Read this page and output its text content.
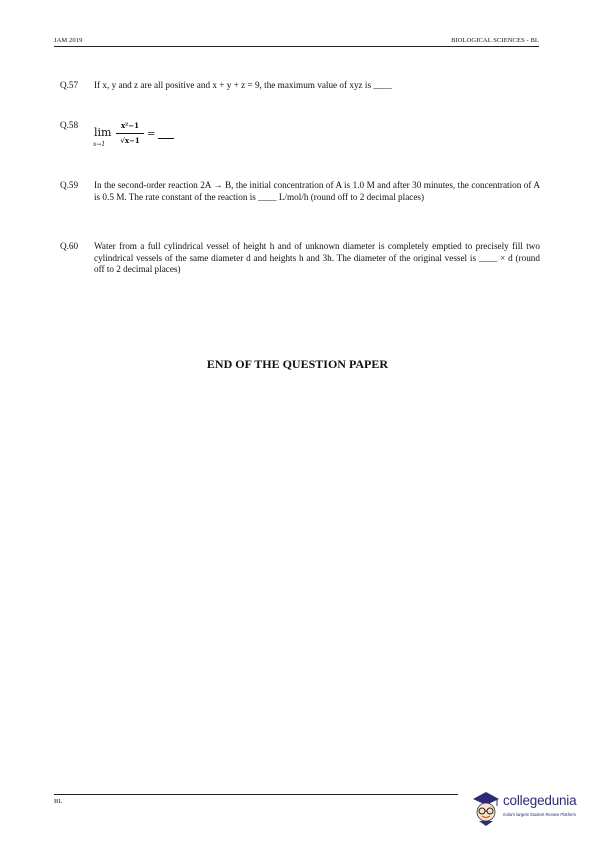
JAM 2019	BIOLOGICAL SCIENCES - BL
Q.57 If x, y and z are all positive and x + y + z = 9, the maximum value of xyz is ____
Q.58
lim
x→1
x²−1
√x−1 =
Q.59 In the second-order reaction 2A → B, the initial concentration of A is 1.0 M and after 30 minutes, the concentration of A is 0.5 M. The rate constant of the reaction is ____ L/mol/h (round off to 2 decimal places)
Q.60 Water from a full cylindrical vessel of height h and of unknown diameter is completely emptied to precisely fill two cylindrical vessels of the same diameter d and heights h and 3h. The diameter of the original vessel is ____ × d (round off to 2 decimal places)
END OF THE QUESTION PAPER
BL	collegedunia
India's largest Student Review Platform
